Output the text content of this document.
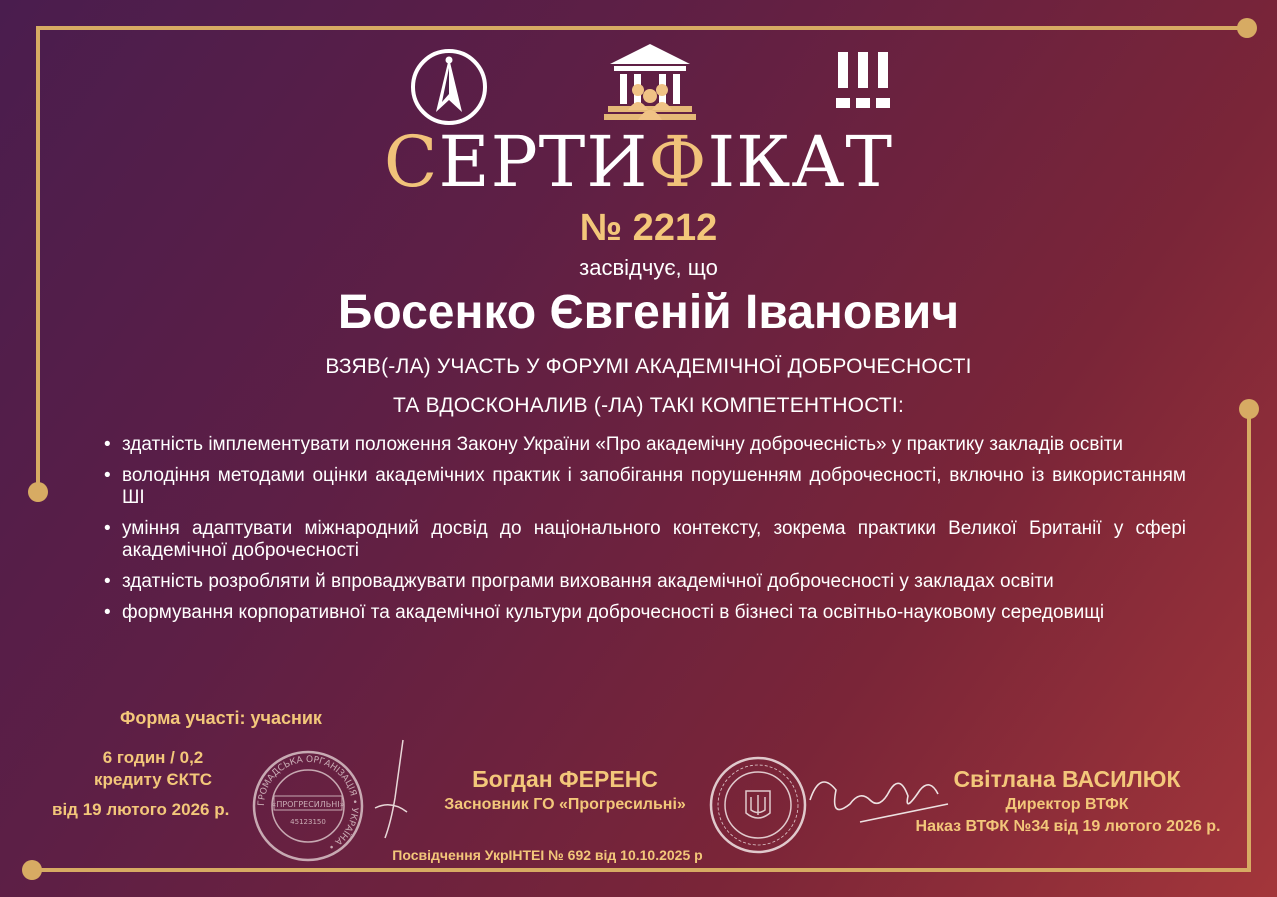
СЕРТИФІКАТ
№ 2212
засвідчує, що
Босенко Євгеній Іванович
ВЗЯВ(-ЛА) УЧАСТЬ У ФОРУМІ АКАДЕМІЧНОЇ ДОБРОЧЕСНОСТІ
ТА ВДОСКОНАЛИВ (-ЛА) ТАКІ КОМПЕТЕНТНОСТІ:
• здатність імплементувати положення Закону України «Про академічну доброчесність» у практику закладів освіти
• володіння методами оцінки академічних практик і запобігання порушенням доброчесності, включно із використанням ШІ
• уміння адаптувати міжнародний досвід до національного контексту, зокрема практики Великої Британії у сфері академічної доброчесності
• здатність розробляти й впроваджувати програми виховання академічної доброчесності у закладах освіти
• формування корпоративної та академічної культури доброчесності в бізнесі та освітньо-науковому середовищі
Форма участі: учасник
6 годин / 0,2
кредиту ЄКТС
від 19 лютого 2026 р.	ГРОМАДСЬКА ОРГАНІЗАЦІЯ • УКРАЇНА •
«ПРОГРЕСИЛЬНІ»
45123150
Богдан ФЕРЕНС
Засновник ГО «Прогресильні»
Світлана ВАСИЛЮК
Директор ВТФК
Наказ ВТФК №34 від 19 лютого 2026 р.
Посвідчення УкрІНТЕІ № 692 від 10.10.2025 р
